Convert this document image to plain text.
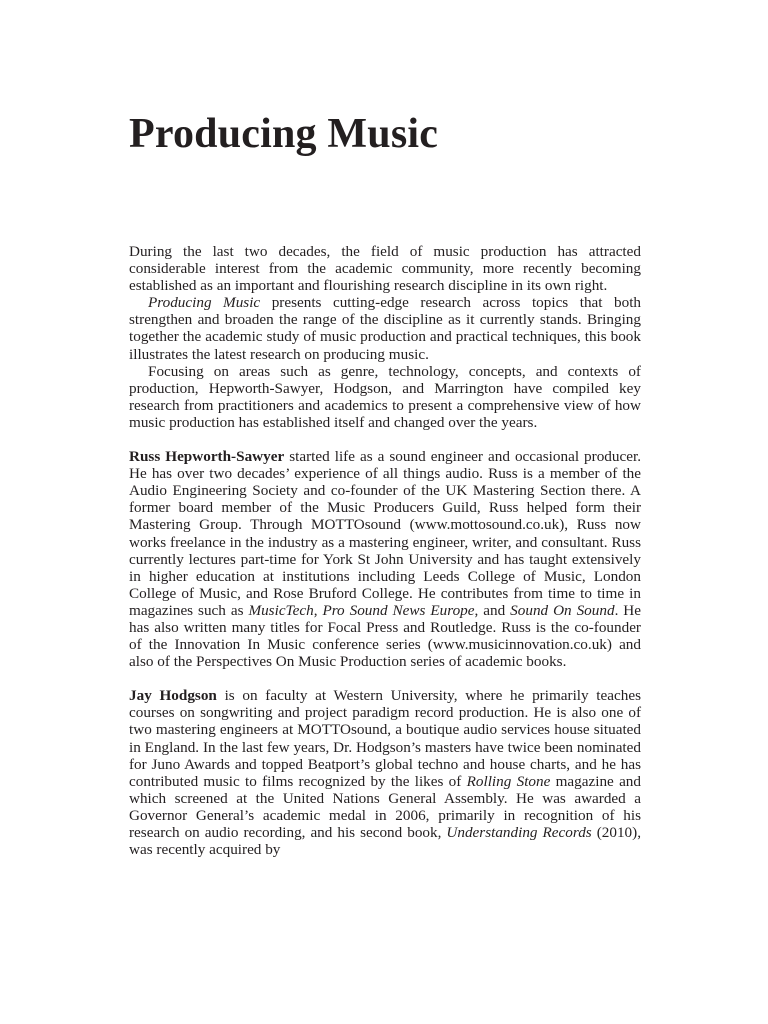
Producing Music

During the last two decades, the field of music production has attracted considerable interest from the academic community, more recently becoming established as an important and flourishing research discipline in its own right.

Producing Music presents cutting-edge research across topics that both strengthen and broaden the range of the discipline as it currently stands. Bringing together the academic study of music production and practical techniques, this book illustrates the latest research on producing music.

Focusing on areas such as genre, technology, concepts, and contexts of production, Hepworth-Sawyer, Hodgson, and Marrington have compiled key research from practitioners and academics to present a comprehensive view of how music production has established itself and changed over the years.

Russ Hepworth-Sawyer started life as a sound engineer and occasional producer. He has over two decades’ experience of all things audio. Russ is a member of the Audio Engineering Society and co-founder of the UK Mastering Section there. A former board member of the Music Producers Guild, Russ helped form their Mastering Group. Through MOTTOsound (www.mottosound.co.uk), Russ now works freelance in the industry as a mastering engineer, writer, and consultant. Russ currently lectures part-time for York St John University and has taught extensively in higher education at institutions including Leeds College of Music, London College of Music, and Rose Bruford College. He contributes from time to time in magazines such as MusicTech, Pro Sound News Europe, and Sound On Sound. He has also written many titles for Focal Press and Routledge. Russ is the co-founder of the Innovation In Music conference series (www.musicinnovation.co.uk) and also of the Perspectives On Music Production series of academic books.

Jay Hodgson is on faculty at Western University, where he primarily teaches courses on songwriting and project paradigm record production. He is also one of two mastering engineers at MOTTOsound, a boutique audio services house situated in England. In the last few years, Dr. Hodgson’s masters have twice been nominated for Juno Awards and topped Beatport’s global techno and house charts, and he has contributed music to films recognized by the likes of Rolling Stone magazine and which screened at the United Nations General Assembly. He was awarded a Governor General’s academic medal in 2006, primarily in recognition of his research on audio recording, and his second book, Understanding Records (2010), was recently acquired by
